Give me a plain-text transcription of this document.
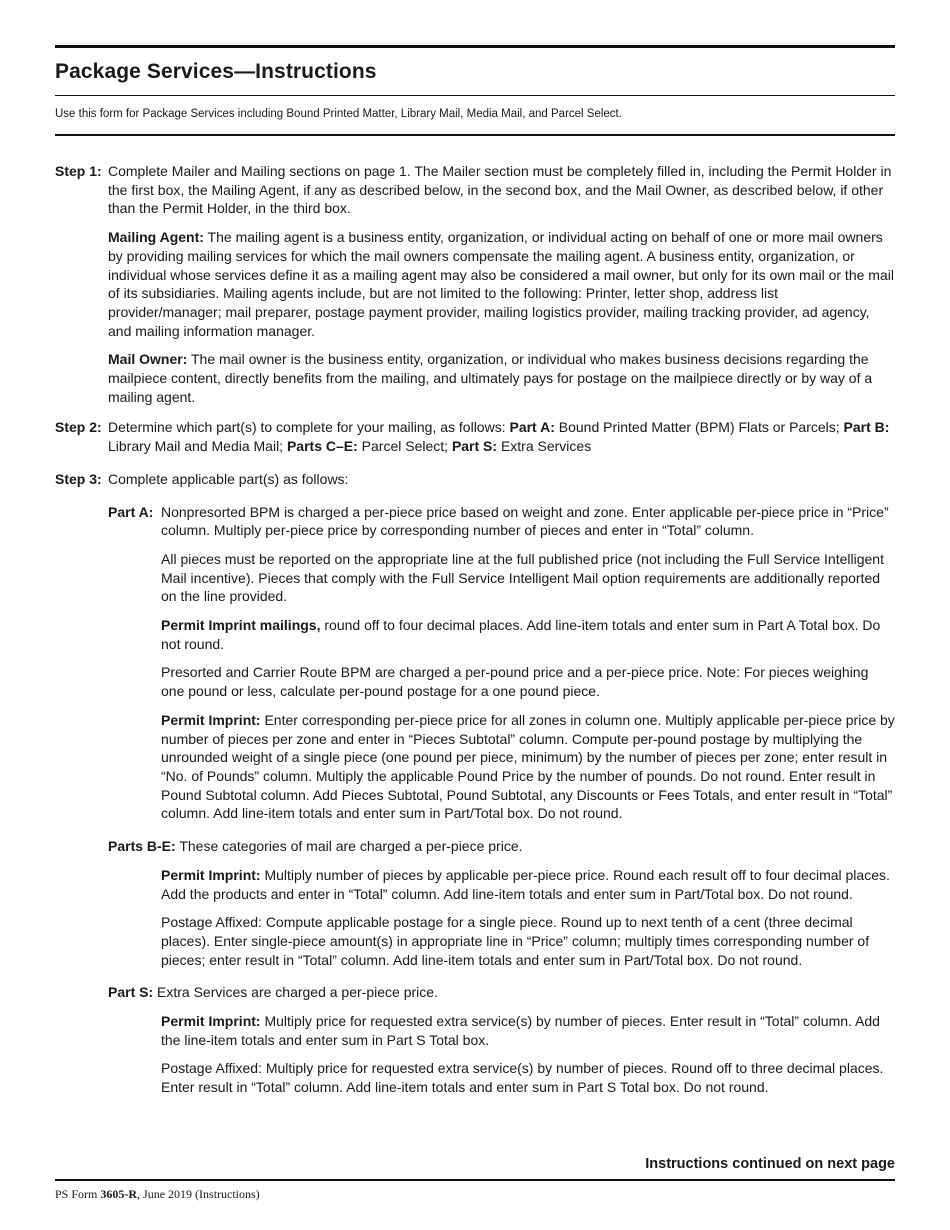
Package Services—Instructions

Use this form for Package Services including Bound Printed Matter, Library Mail, Media Mail, and Parcel Select.

Step 1: Complete Mailer and Mailing sections on page 1. The Mailer section must be completely filled in, including the Permit Holder in the first box, the Mailing Agent, if any as described below, in the second box, and the Mail Owner, as described below, if other than the Permit Holder, in the third box.

Mailing Agent: The mailing agent is a business entity, organization, or individual acting on behalf of one or more mail owners by providing mailing services for which the mail owners compensate the mailing agent. A business entity, organization, or individual whose services define it as a mailing agent may also be considered a mail owner, but only for its own mail or the mail of its subsidiaries. Mailing agents include, but are not limited to the following: Printer, letter shop, address list provider/manager; mail preparer, postage payment provider, mailing logistics provider, mailing tracking provider, ad agency, and mailing information manager.

Mail Owner: The mail owner is the business entity, organization, or individual who makes business decisions regarding the mailpiece content, directly benefits from the mailing, and ultimately pays for postage on the mailpiece directly or by way of a mailing agent.

Step 2: Determine which part(s) to complete for your mailing, as follows: Part A: Bound Printed Matter (BPM) Flats or Parcels; Part B: Library Mail and Media Mail; Parts C–E: Parcel Select; Part S: Extra Services

Step 3: Complete applicable part(s) as follows:

Part A: Nonpresorted BPM is charged a per-piece price based on weight and zone. Enter applicable per-piece price in “Price” column. Multiply per-piece price by corresponding number of pieces and enter in “Total” column.

All pieces must be reported on the appropriate line at the full published price (not including the Full Service Intelligent Mail incentive). Pieces that comply with the Full Service Intelligent Mail option requirements are additionally reported on the line provided.

Permit Imprint mailings, round off to four decimal places. Add line-item totals and enter sum in Part A Total box. Do not round.

Presorted and Carrier Route BPM are charged a per-pound price and a per-piece price. Note: For pieces weighing one pound or less, calculate per-pound postage for a one pound piece.

Permit Imprint: Enter corresponding per-piece price for all zones in column one. Multiply applicable per-piece price by number of pieces per zone and enter in “Pieces Subtotal” column. Compute per-pound postage by multiplying the unrounded weight of a single piece (one pound per piece, minimum) by the number of pieces per zone; enter result in “No. of Pounds” column. Multiply the applicable Pound Price by the number of pounds. Do not round. Enter result in Pound Subtotal column. Add Pieces Subtotal, Pound Subtotal, any Discounts or Fees Totals, and enter result in “Total” column. Add line-item totals and enter sum in Part/Total box. Do not round.

Parts B-E: These categories of mail are charged a per-piece price.

Permit Imprint: Multiply number of pieces by applicable per-piece price. Round each result off to four decimal places. Add the products and enter in “Total” column. Add line-item totals and enter sum in Part/Total box. Do not round.

Postage Affixed: Compute applicable postage for a single piece. Round up to next tenth of a cent (three decimal places). Enter single-piece amount(s) in appropriate line in “Price” column; multiply times corresponding number of pieces; enter result in “Total” column. Add line-item totals and enter sum in Part/Total box. Do not round.

Part S: Extra Services are charged a per-piece price.

Permit Imprint: Multiply price for requested extra service(s) by number of pieces. Enter result in “Total” column. Add the line-item totals and enter sum in Part S Total box.

Postage Affixed: Multiply price for requested extra service(s) by number of pieces. Round off to three decimal places. Enter result in “Total” column. Add line-item totals and enter sum in Part S Total box. Do not round.

Instructions continued on next page

PS Form 3605-R, June 2019 (Instructions)
